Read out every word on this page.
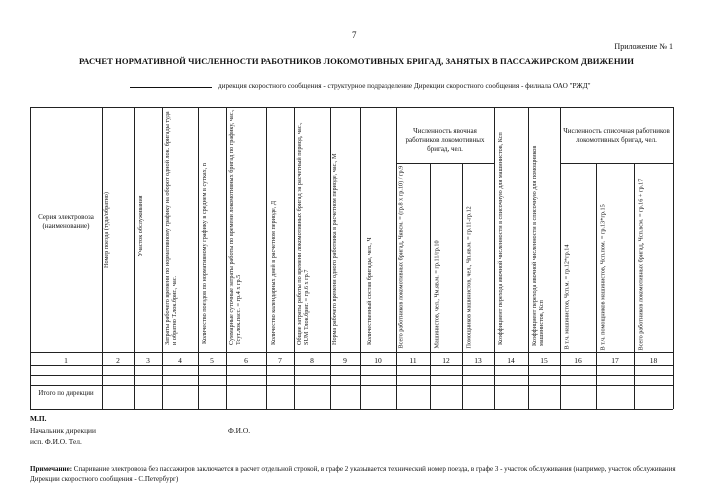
7
Приложение № 1
РАСЧЕТ НОРМАТИВНОЙ ЧИСЛЕННОСТИ РАБОТНИКОВ ЛОКОМОТИВНЫХ БРИГАД, ЗАНЯТЫХ В ПАССАЖИРСКОМ ДВИЖЕНИИ
дирекция скоростного сообщения - структурное подразделение Дирекции скоростного сообщения - филиала ОАО "РЖД"
Серия электровоза (наименование)	Номер поезда (туда/обратно)	Участок обслуживания	Затраты рабочего времени по нормативному графику на оборот одной лок. бригады туда и обратно Т.лок.бриг., час.	Количество поездов по нормативному графику в среднем в сутках, n	Суммарные суточные затраты работы по времени локомотивных бригад по графику, час., Тсут.лок.пасс. = гр.4 х гр.5	Количество календарных дней в расчетном периоде, Д	Общие затраты работы по времени локомотивных бригад за расчетный период, час., SUM Тлок.бриг. = гр.6 х гр.7	Норма рабочего времени одного работника в расчетном периоде, час., М	Количественный состав бригады, чел., Ч
Численность явочная работников локомотивных бригад, чел.
Численность списочная работников локомотивных бригад, чел.
Всего работников локомотивных бригад, Чявсм. = (гр.8 х гр.10) / гр.9	Машинистов, чел., Чм.яв.м. = гр.11/гр.10	Помощников машинистов, чел., Чп.яв.м. = гр.11-гр.12	Коэффициент перехода явочной численности в списочную для машинистов, Ксп	Коэффициент перехода явочной численности в списочную для помощников машинистов, Ксп	В т.ч. машинистов, Чсп.м. = гр.12*гр.14	В т.ч. помощников машинистов, Чсп.пом. = гр.13*гр.15	Всего работников локомотивных бригад, Чсп.всм. = гр.16 + гр.17
1	2	3	4	5	6	7	8	9	10	11	12	13	14	15	16	17	18
Итого по дирекции
М.П.
Начальник дирекции	Ф.И.О.
исп. Ф.И.О. Тел.
Примечание: Спаривание электровоза без пассажиров заключается в расчет отдельной строкой, в графе 2 указывается технический номер поезда, в графе 3 - участок обслуживания (например, участок обслуживания Дирекции скоростного сообщения - С.Петербург)
